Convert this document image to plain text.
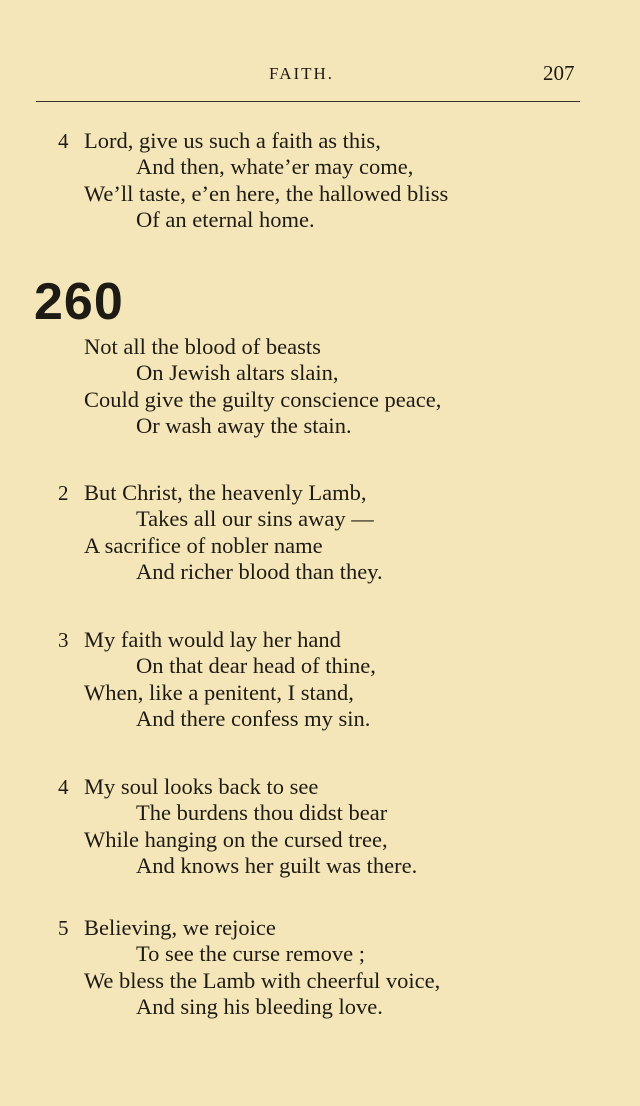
FAITH.	207
4 Lord, give us such a faith as this,
And then, whate’er may come,
We’ll taste, e’en here, the hallowed bliss
Of an eternal home.
260
Not all the blood of beasts
On Jewish altars slain,
Could give the guilty conscience peace,
Or wash away the stain.
2 But Christ, the heavenly Lamb,
Takes all our sins away —
A sacrifice of nobler name
And richer blood than they.
3 My faith would lay her hand
On that dear head of thine,
When, like a penitent, I stand,
And there confess my sin.
4 My soul looks back to see
The burdens thou didst bear
While hanging on the cursed tree,
And knows her guilt was there.
5 Believing, we rejoice
To see the curse remove ;
We bless the Lamb with cheerful voice,
And sing his bleeding love.
